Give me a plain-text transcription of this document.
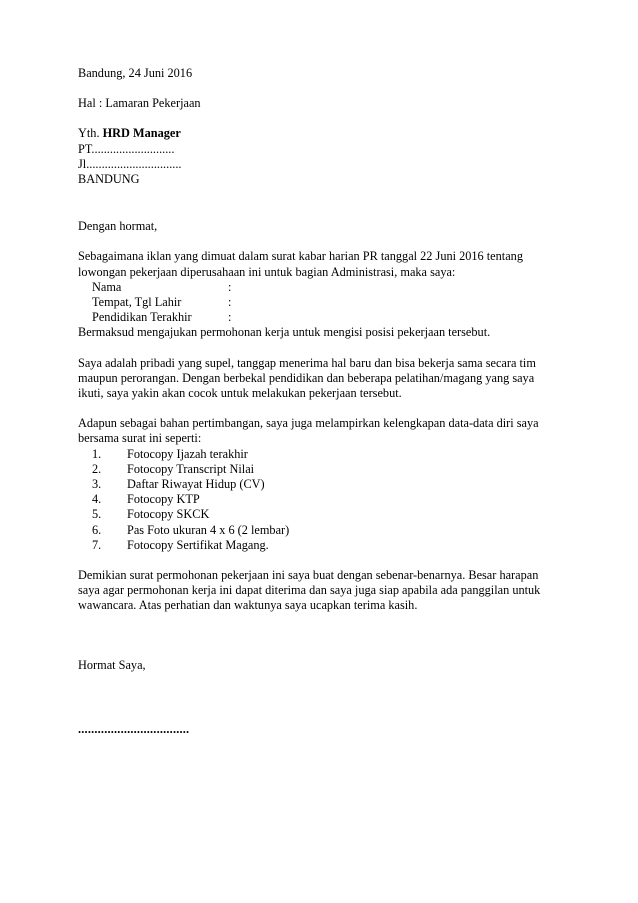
Bandung, 24 Juni 2016
Hal : Lamaran Pekerjaan
Yth. HRD Manager
PT...........................
Jl...............................
BANDUNG
Dengan hormat,
Sebagaimana iklan yang dimuat dalam surat kabar harian PR tanggal 22 Juni 2016 tentang
lowongan pekerjaan diperusahaan ini untuk bagian Administrasi, maka saya:
Nama	:
Tempat, Tgl Lahir	:
Pendidikan Terakhir	:
Bermaksud mengajukan permohonan kerja untuk mengisi posisi pekerjaan tersebut.
Saya adalah pribadi yang supel, tanggap menerima hal baru dan bisa bekerja sama secara tim
maupun perorangan. Dengan berbekal pendidikan dan beberapa pelatihan/magang yang saya
ikuti, saya yakin akan cocok untuk melakukan pekerjaan tersebut.
Adapun sebagai bahan pertimbangan, saya juga melampirkan kelengkapan data-data diri saya
bersama surat ini seperti:
1.	Fotocopy Ijazah terakhir
2.	Fotocopy Transcript Nilai
3.	Daftar Riwayat Hidup (CV)
4.	Fotocopy KTP
5.	Fotocopy SKCK
6.	Pas Foto ukuran 4 x 6 (2 lembar)
7.	Fotocopy Sertifikat Magang.
Demikian surat permohonan pekerjaan ini saya buat dengan sebenar-benarnya. Besar harapan
saya agar permohonan kerja ini dapat diterima dan saya juga siap apabila ada panggilan untuk
wawancara. Atas perhatian dan waktunya saya ucapkan terima kasih.
Hormat Saya,
..................................
